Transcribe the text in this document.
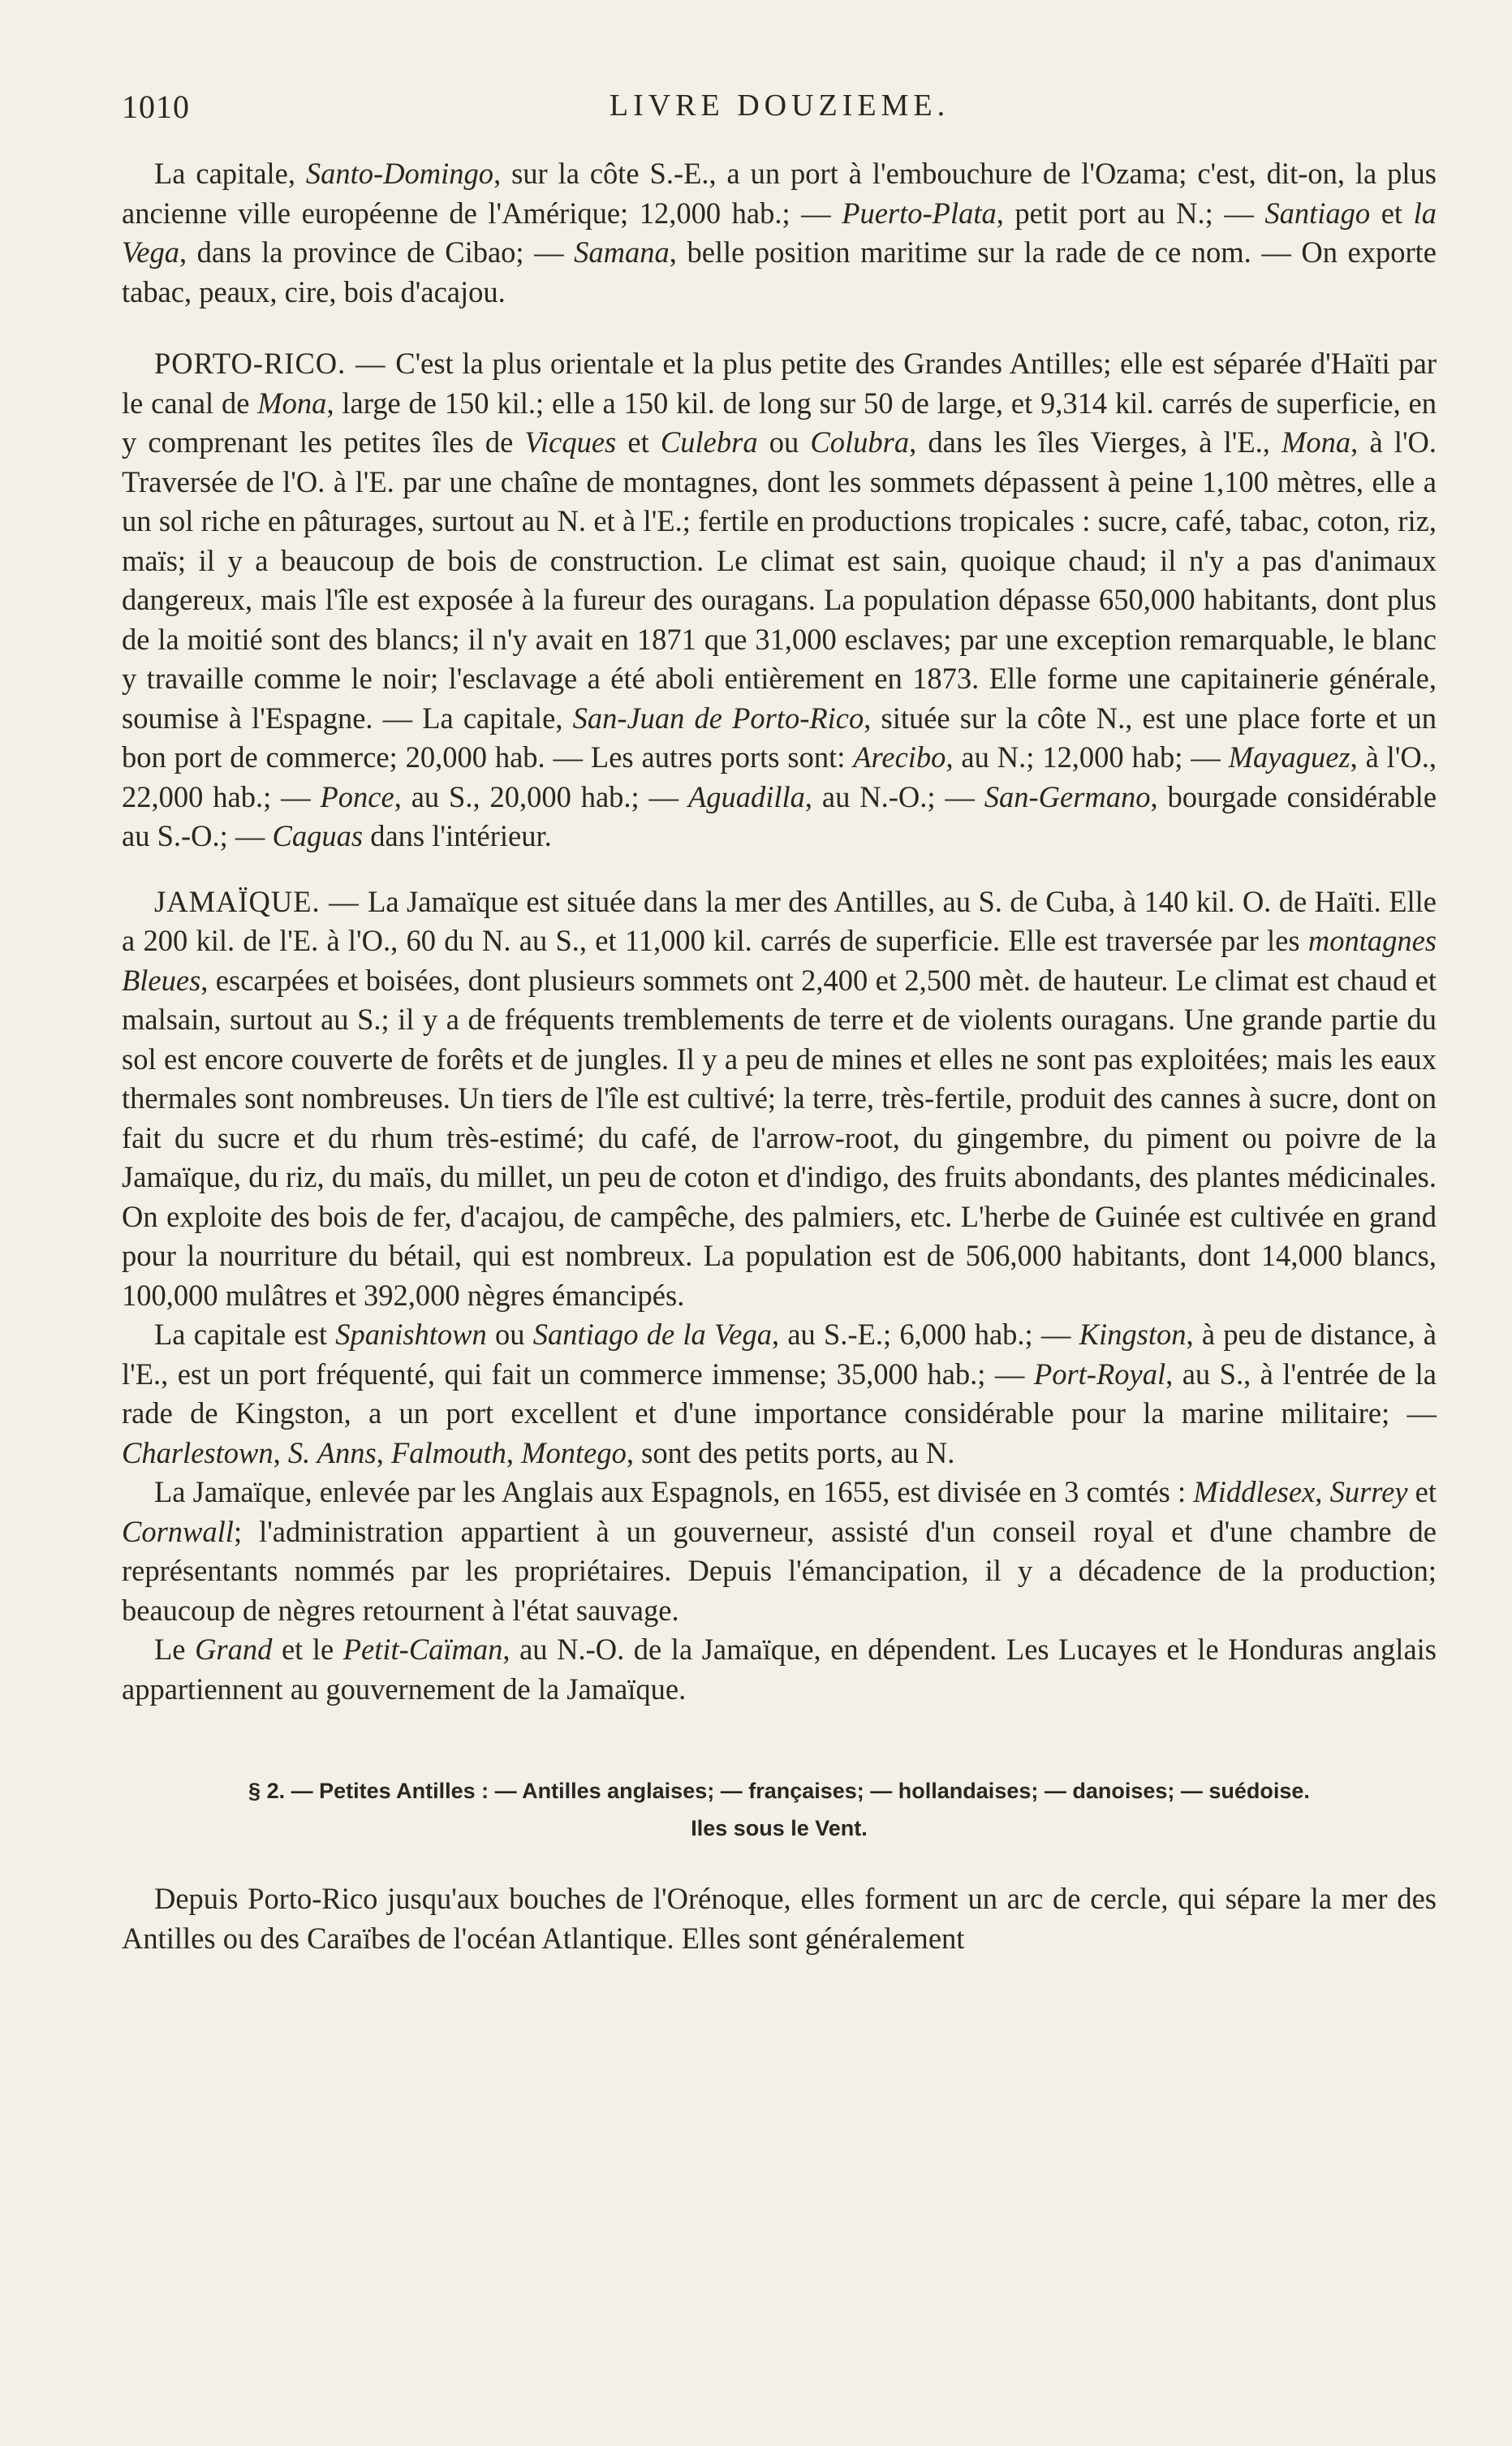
1010	LIVRE DOUZIEME.

La capitale, Santo-Domingo, sur la côte S.-E., a un port à l'embouchure de l'Ozama; c'est, dit-on, la plus ancienne ville européenne de l'Amérique; 12,000 hab.; — Puerto-Plata, petit port au N.; — Santiago et la Vega, dans la province de Cibao; — Samana, belle position maritime sur la rade de ce nom. — On exporte tabac, peaux, cire, bois d'acajou.

PORTO-RICO. — C'est la plus orientale et la plus petite des Grandes Antilles; elle est séparée d'Haïti par le canal de Mona, large de 150 kil.; elle a 150 kil. de long sur 50 de large, et 9,314 kil. carrés de superficie, en y comprenant les petites îles de Vicques et Culebra ou Colubra, dans les îles Vierges, à l'E., Mona, à l'O. Traversée de l'O. à l'E. par une chaîne de montagnes, dont les sommets dépassent à peine 1,100 mètres, elle a un sol riche en pâturages, surtout au N. et à l'E.; fertile en productions tropicales : sucre, café, tabac, coton, riz, maïs; il y a beaucoup de bois de construction. Le climat est sain, quoique chaud; il n'y a pas d'animaux dangereux, mais l'île est exposée à la fureur des ouragans. La population dépasse 650,000 habitants, dont plus de la moitié sont des blancs; il n'y avait en 1871 que 31,000 esclaves; par une exception remarquable, le blanc y travaille comme le noir; l'esclavage a été aboli entièrement en 1873. Elle forme une capitainerie générale, soumise à l'Espagne. — La capitale, San-Juan de Porto-Rico, située sur la côte N., est une place forte et un bon port de commerce; 20,000 hab. — Les autres ports sont: Arecibo, au N.; 12,000 hab; — Mayaguez, à l'O., 22,000 hab.; — Ponce, au S., 20,000 hab.; — Aguadilla, au N.-O.; — San-Germano, bourgade considérable au S.-O.; — Caguas dans l'intérieur.

JAMAÏQUE. — La Jamaïque est située dans la mer des Antilles, au S. de Cuba, à 140 kil. O. de Haïti. Elle a 200 kil. de l'E. à l'O., 60 du N. au S., et 11,000 kil. carrés de superficie. Elle est traversée par les montagnes Bleues, escarpées et boisées, dont plusieurs sommets ont 2,400 et 2,500 mèt. de hauteur. Le climat est chaud et malsain, surtout au S.; il y a de fréquents tremblements de terre et de violents ouragans. Une grande partie du sol est encore couverte de forêts et de jungles. Il y a peu de mines et elles ne sont pas exploitées; mais les eaux thermales sont nombreuses. Un tiers de l'île est cultivé; la terre, très-fertile, produit des cannes à sucre, dont on fait du sucre et du rhum très-estimé; du café, de l'arrow-root, du gingembre, du piment ou poivre de la Jamaïque, du riz, du maïs, du millet, un peu de coton et d'indigo, des fruits abondants, des plantes médicinales. On exploite des bois de fer, d'acajou, de campêche, des palmiers, etc. L'herbe de Guinée est cultivée en grand pour la nourriture du bétail, qui est nombreux. La population est de 506,000 habitants, dont 14,000 blancs, 100,000 mulâtres et 392,000 nègres émancipés.

La capitale est Spanishtown ou Santiago de la Vega, au S.-E.; 6,000 hab.; — Kingston, à peu de distance, à l'E., est un port fréquenté, qui fait un commerce immense; 35,000 hab.; — Port-Royal, au S., à l'entrée de la rade de Kingston, a un port excellent et d'une importance considérable pour la marine militaire; — Charlestown, S. Anns, Falmouth, Montego, sont des petits ports, au N.

La Jamaïque, enlevée par les Anglais aux Espagnols, en 1655, est divisée en 3 comtés : Middlesex, Surrey et Cornwall; l'administration appartient à un gouverneur, assisté d'un conseil royal et d'une chambre de représentants nommés par les propriétaires. Depuis l'émancipation, il y a décadence de la production; beaucoup de nègres retournent à l'état sauvage.

Le Grand et le Petit-Caïman, au N.-O. de la Jamaïque, en dépendent. Les Lucayes et le Honduras anglais appartiennent au gouvernement de la Jamaïque.

§ 2. — Petites Antilles : — Antilles anglaises; — françaises; — hollandaises; — danoises; — suédoise.
Iles sous le Vent.

Depuis Porto-Rico jusqu'aux bouches de l'Orénoque, elles forment un arc de cercle, qui sépare la mer des Antilles ou des Caraïbes de l'océan Atlantique. Elles sont généralement
